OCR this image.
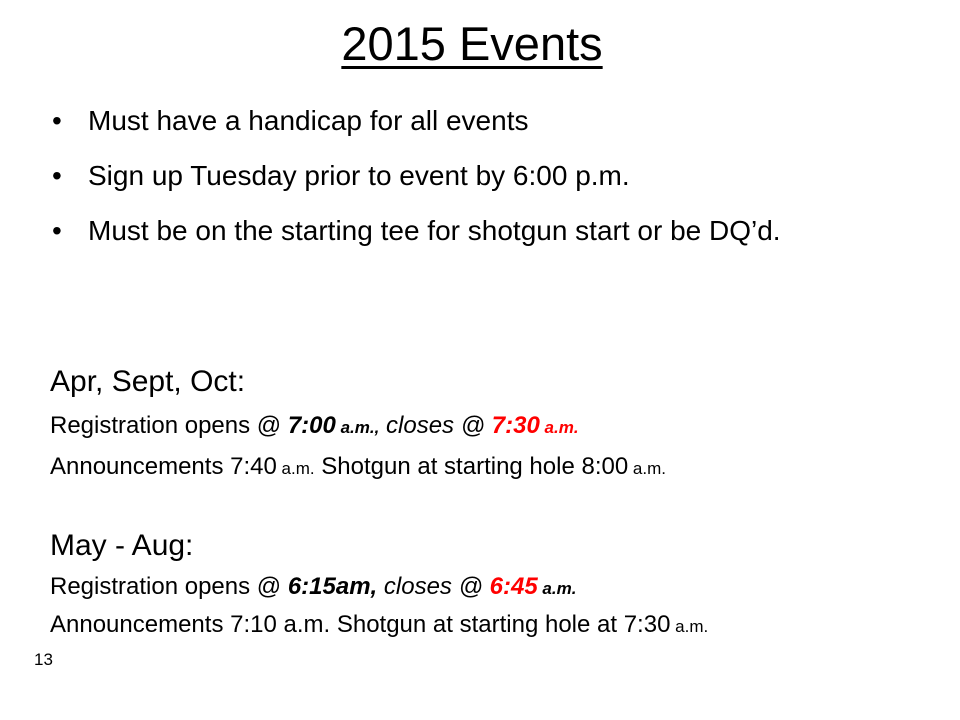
2015 Events
• Must have a handicap for all events
• Sign up Tuesday prior to event by 6:00 p.m.
• Must be on the starting tee for shotgun start or be DQ’d.
Apr, Sept, Oct:
Registration opens @ 7:00 a.m., closes @ 7:30 a.m.
Announcements 7:40 a.m. Shotgun at starting hole 8:00 a.m.
May - Aug:
Registration opens @ 6:15am, closes @ 6:45 a.m.
Announcements 7:10 a.m. Shotgun at starting hole at 7:30 a.m.
13
